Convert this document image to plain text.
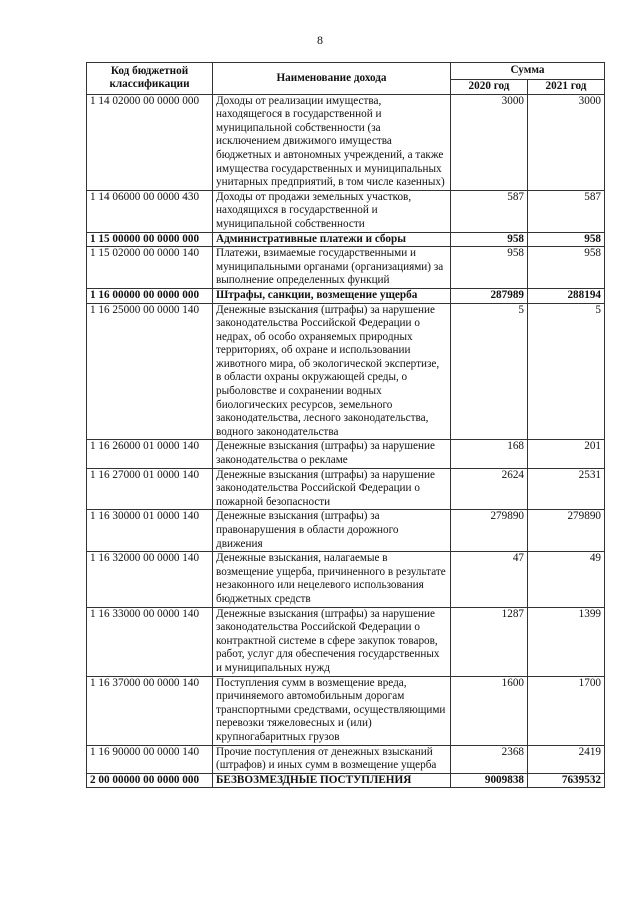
8
Код бюджетной классификации	Наименование дохода	Сумма	
		2020 год	2021 год
1 14 02000 00 0000 000	Доходы от реализации имущества, находящегося в государственной и муниципальной собственности (за исключением движимого имущества бюджетных и автономных учреждений, а также имущества государственных и муниципальных унитарных предприятий, в том числе казенных)	3000	3000
1 14 06000 00 0000 430	Доходы от продажи земельных участков, находящихся в государственной и муниципальной собственности	587	587
1 15 00000 00 0000 000	Административные платежи и сборы	958	958
1 15 02000 00 0000 140	Платежи, взимаемые государственными и муниципальными органами (организациями) за выполнение определенных функций	958	958
1 16 00000 00 0000 000	Штрафы, санкции, возмещение ущерба	287989	288194
1 16 25000 00 0000 140	Денежные взыскания (штрафы) за нарушение законодательства Российской Федерации о недрах, об особо охраняемых природных территориях, об охране и использовании животного мира, об экологической экспертизе, в области охраны окружающей среды, о рыболовстве и сохранении водных биологических ресурсов, земельного законодательства, лесного законодательства, водного законодательства	5	5
1 16 26000 01 0000 140	Денежные взыскания (штрафы) за нарушение законодательства о рекламе	168	201
1 16 27000 01 0000 140	Денежные взыскания (штрафы) за нарушение законодательства Российской Федерации о пожарной безопасности	2624	2531
1 16 30000 01 0000 140	Денежные взыскания (штрафы) за правонарушения в области дорожного движения	279890	279890
1 16 32000 00 0000 140	Денежные взыскания, налагаемые в возмещение ущерба, причиненного в результате незаконного или нецелевого использования бюджетных средств	47	49
1 16 33000 00 0000 140	Денежные взыскания (штрафы) за нарушение законодательства Российской Федерации о контрактной системе в сфере закупок товаров, работ, услуг для обеспечения государственных и муниципальных нужд	1287	1399
1 16 37000 00 0000 140	Поступления сумм в возмещение вреда, причиняемого автомобильным дорогам транспортными средствами, осуществляющими перевозки тяжеловесных и (или) крупногабаритных грузов	1600	1700
1 16 90000 00 0000 140	Прочие поступления от денежных взысканий (штрафов) и иных сумм в возмещение ущерба	2368	2419
2 00 00000 00 0000 000	БЕЗВОЗМЕЗДНЫЕ ПОСТУПЛЕНИЯ	9009838	7639532
